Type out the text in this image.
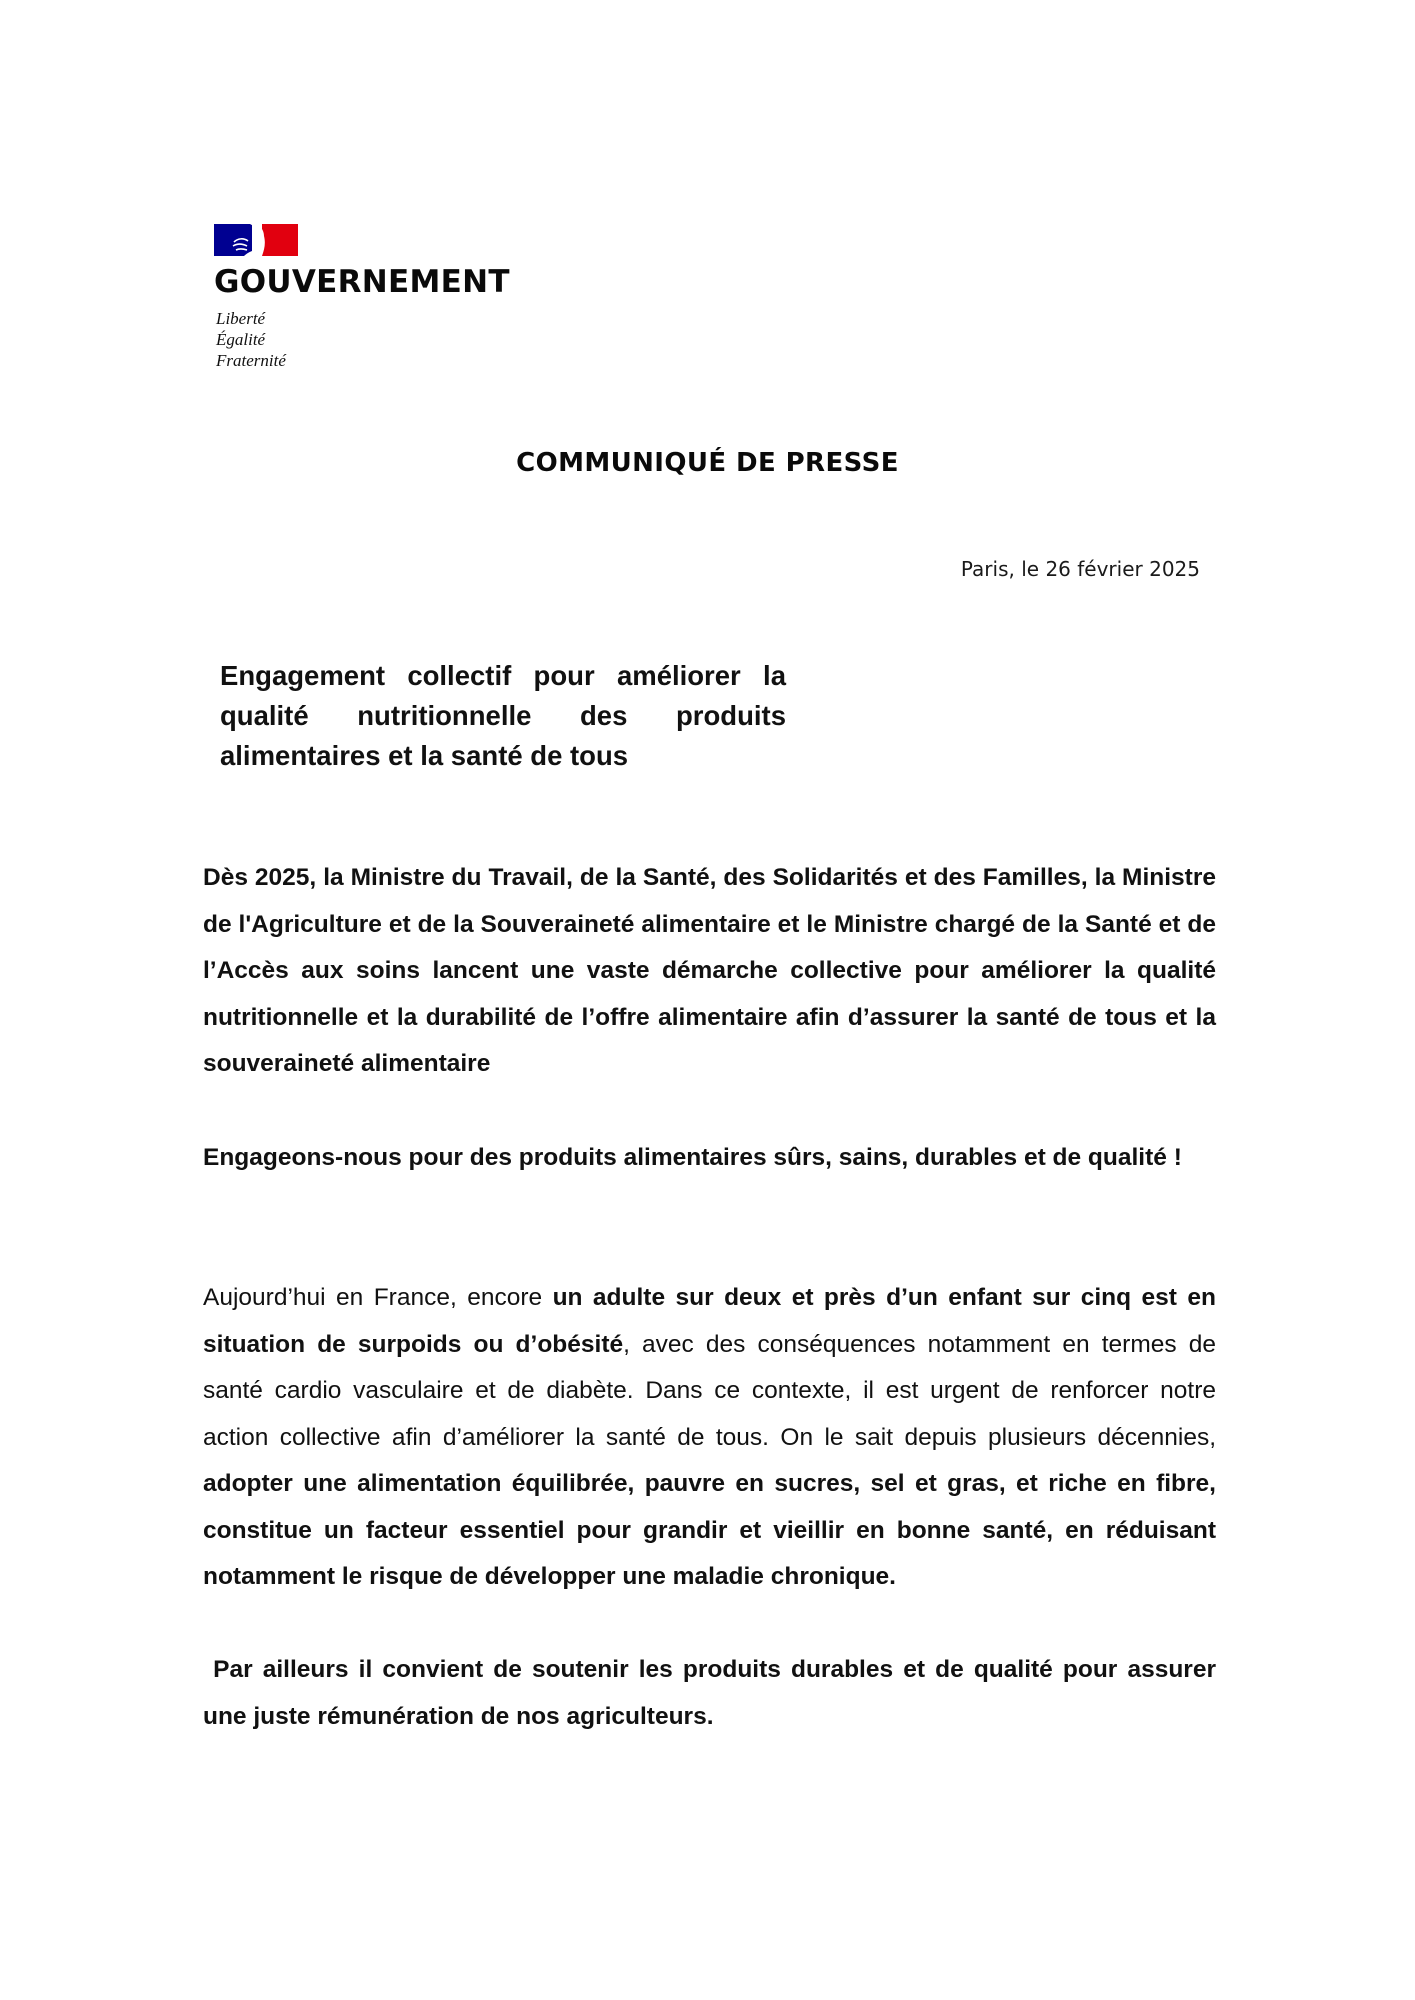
GOUVERNEMENT
Liberté
Égalité
Fraternité
COMMUNIQUÉ DE PRESSE
Paris, le 26 février 2025
Engagement collectif pour améliorer la qualité nutritionnelle des produits alimentaires et la santé de tous

Dès 2025, la Ministre du Travail, de la Santé, des Solidarités et des Familles, la Ministre de l'Agriculture et de la Souveraineté alimentaire et le Ministre chargé de la Santé et de l’Accès aux soins lancent une vaste démarche collective pour améliorer la qualité nutritionnelle et la durabilité de l’offre alimentaire afin d’assurer la santé de tous et la souveraineté alimentaire

Engageons-nous pour des produits alimentaires sûrs, sains, durables et de qualité !

Aujourd’hui en France, encore un adulte sur deux et près d’un enfant sur cinq est en situation de surpoids ou d’obésité, avec des conséquences notamment en termes de santé cardio vasculaire et de diabète. Dans ce contexte, il est urgent de renforcer notre action collective afin d’améliorer la santé de tous. On le sait depuis plusieurs décennies, adopter une alimentation équilibrée, pauvre en sucres, sel et gras, et riche en fibre, constitue un facteur essentiel pour grandir et vieillir en bonne santé, en réduisant notamment le risque de développer une maladie chronique.

Par ailleurs il convient de soutenir les produits durables et de qualité pour assurer une juste rémunération de nos agriculteurs.
